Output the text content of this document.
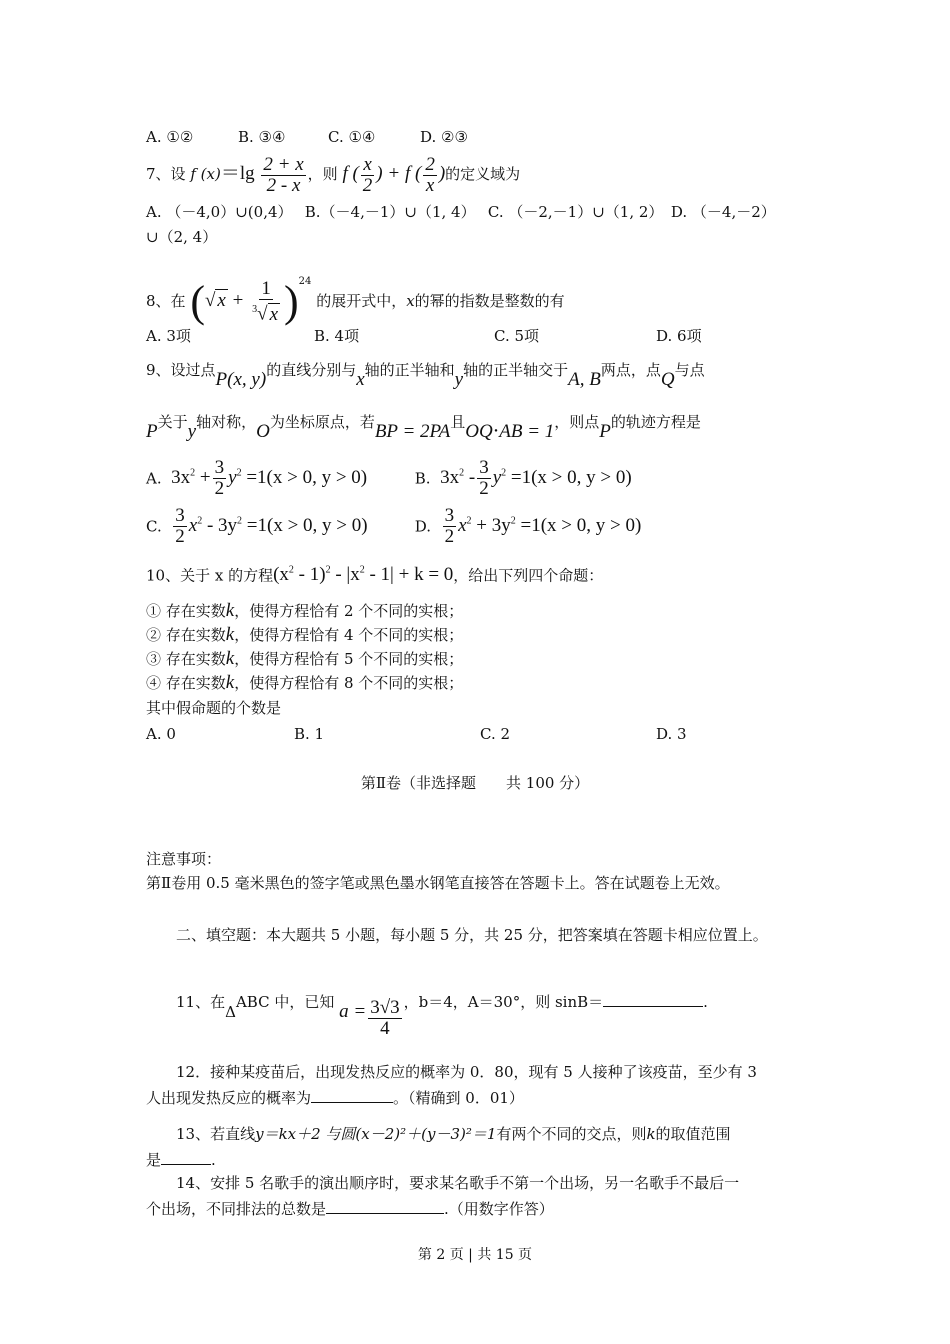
A. ①②	B. ③④	C. ①④	D. ②③
7、设 f $(x)=\lg \frac{2 + x}{2 - x}$ ，则 f ( $\frac{x}{2}$ ) + f ( $\frac{2}{x}$ )的定义域为
A. （－4,0）∪(0,4）　 B.（－4,－1）∪（1, 4）　 C. （－2,－1）∪（1, 2）　D. （－4,－2）
∪（2, 4）
8、在 (√ $x + \frac{1}{^3√ x} )^{24}$ 的展开式中，x的幂的指数是整数的有
A. 3项	B. 4项	C. 5项	D. 6项
9、设过点P(x, y)的直线分别与x轴的正半轴和y轴的正半轴交于A, B两点，点Q与点
P关于y轴对称，O为坐标原点，若BP = 2PA且OQ⋅AB = 1，则点P的轨迹方程是
A. $3x^2 + \frac{3}{2} y^2 =1(x > 0$, y > 0)	B. $3x^2 - \frac{3}{2} y^2 =1(x > 0$, y > 0)
C. $\frac{3}{2} x^2 - 3y^2 =1(x > 0$, y > 0)	D. $\frac{3}{2} x^2 + 3y^2 =1(x > 0$, y > 0)
10、关于 x 的方程$(x^2 - 1)^2 - |x^2 - 1| + k = 0$，给出下列四个命题：
① 存在实数k，使得方程恰有 2 个不同的实根；
② 存在实数k，使得方程恰有 4 个不同的实根；
③ 存在实数k，使得方程恰有 5 个不同的实根；
④ 存在实数k，使得方程恰有 8 个不同的实根；
其中假命题的个数是
A. 0	B. 1	C. 2	D. 3
第Ⅱ卷（非选择题　　共 100 分）
注意事项：
第Ⅱ卷用 0.5 毫米黑色的签字笔或黑色墨水钢笔直接答在答题卡上。答在试题卷上无效。
二、填空题：本大题共 5 小题，每小题 5 分，共 25 分，把答案填在答题卡相应位置上。
11、在ΔABC 中，已知 $a = \frac{3√3}{4}$ ，b＝4，A＝30°，则 sinB＝	.
12．接种某疫苗后，出现发热反应的概率为 0．80，现有 5 人接种了该疫苗，至少有 3
人出现发热反应的概率为	。（精确到 0．01）
13、若直线y＝kx＋2 与圆(x－2)²＋(y－3)²＝1有两个不同的交点，则k的取值范围
是	.
14、安排 5 名歌手的演出顺序时，要求某名歌手不第一个出场，另一名歌手不最后一
个出场，不同排法的总数是	.（用数字作答）
第 2 页 | 共 15 页
